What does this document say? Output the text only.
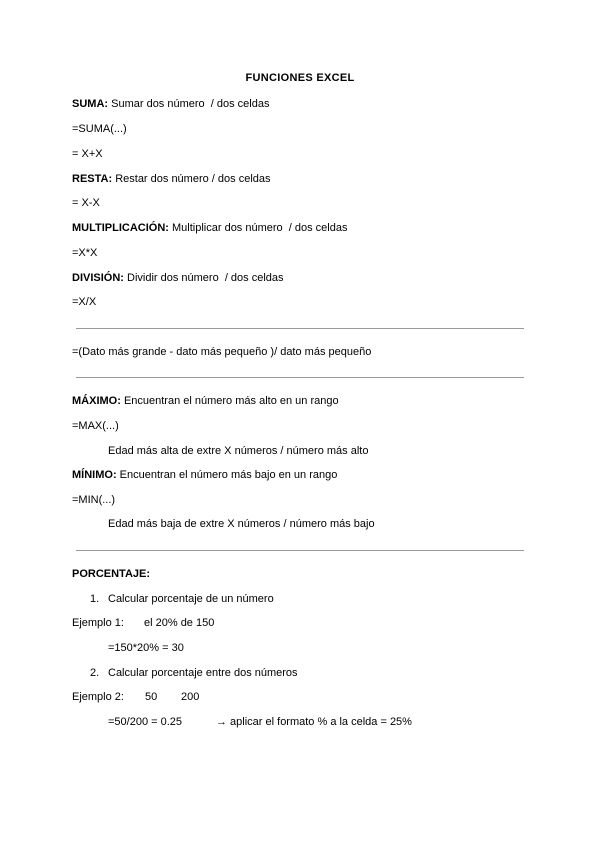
FUNCIONES EXCEL
SUMA: Sumar dos número  / dos celdas
=SUMA(...)
= X+X
RESTA: Restar dos número / dos celdas
= X-X
MULTIPLICACIÓN: Multiplicar dos número  / dos celdas
=X*X
DIVISIÓN: Dividir dos número  / dos celdas
=X/X
=(Dato más grande - dato más pequeño )/ dato más pequeño
MÁXIMO: Encuentran el número más alto en un rango
=MAX(...)
Edad más alta de extre X números / número más alto
MÍNIMO: Encuentran el número más bajo en un rango
=MIN(...)
Edad más baja de extre X números / número más bajo
PORCENTAJE:
1. Calcular porcentaje de un número
Ejemplo 1: el 20% de 150
=150*20% = 30
2. Calcular porcentaje entre dos números
Ejemplo 2: 50 200
=50/200 = 0.25	→ aplicar el formato % a la celda = 25%
